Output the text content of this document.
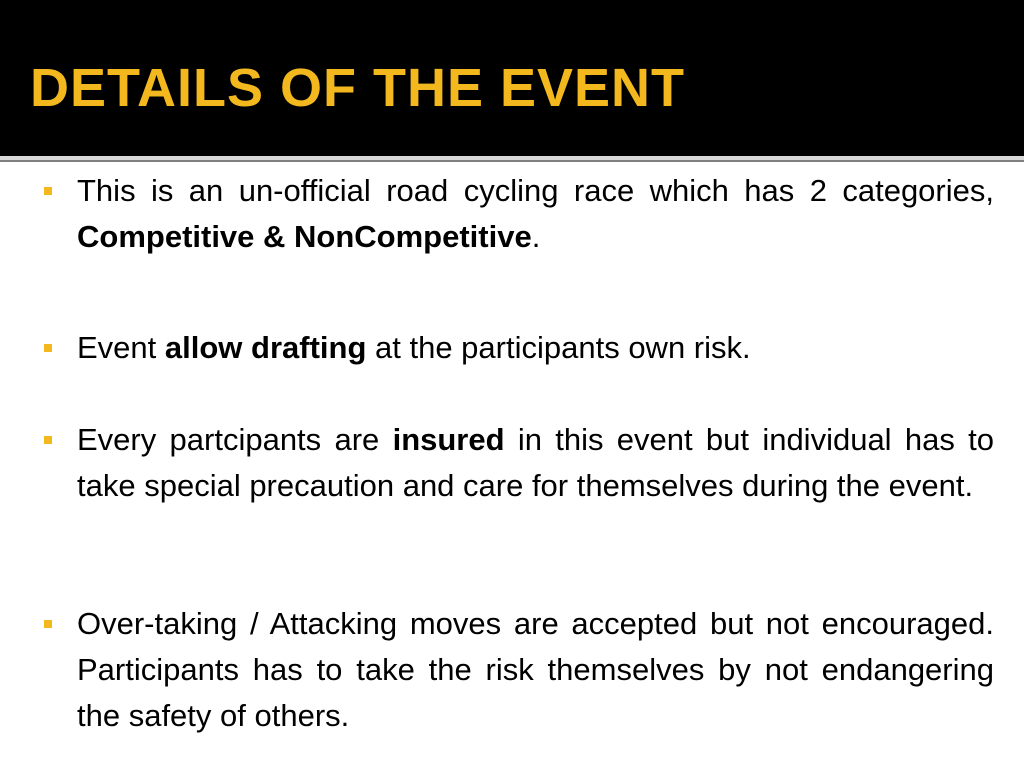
DETAILS OF THE EVENT

This is an un-official road cycling race which has 2 categories, Competitive & NonCompetitive.

Event allow drafting at the participants own risk.

Every partcipants are insured in this event but individual has to take special precaution and care for themselves during the event.

Over-taking / Attacking moves are accepted but not encouraged. Participants has to take the risk themselves by not endangering the safety of others.
